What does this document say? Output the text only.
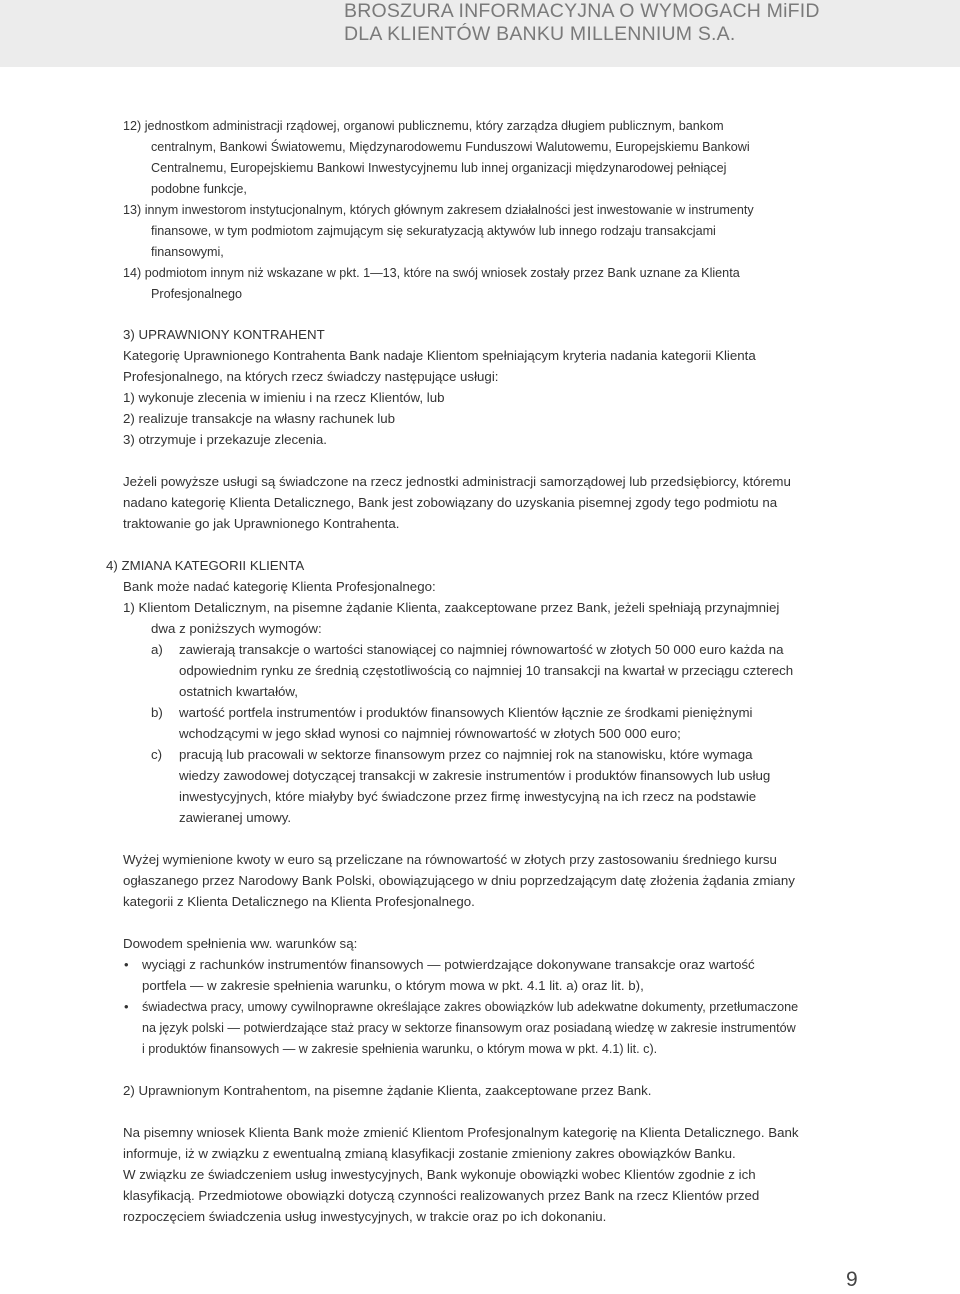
BROSZURA INFORMACYJNA O WYMOGACH MiFID
DLA KLIENTÓW BANKU MILLENNIUM S.A.
12) jednostkom administracji rządowej, organowi publicznemu, który zarządza długiem publicznym, bankom
centralnym, Bankowi Światowemu, Międzynarodowemu Funduszowi Walutowemu, Europejskiemu Bankowi
Centralnemu, Europejskiemu Bankowi Inwestycyjnemu lub innej organizacji międzynarodowej pełniącej
podobne funkcje,
13) innym inwestorom instytucjonalnym, których głównym zakresem działalności jest inwestowanie w instrumenty
finansowe, w tym podmiotom zajmującym się sekuratyzacją aktywów lub innego rodzaju transakcjami
finansowymi,
14) podmiotom innym niż wskazane w pkt. 1—13, które na swój wniosek zostały przez Bank uznane za Klienta
Profesjonalnego
3) UPRAWNIONY KONTRAHENT
Kategorię Uprawnionego Kontrahenta Bank nadaje Klientom spełniającym kryteria nadania kategorii Klienta
Profesjonalnego, na których rzecz świadczy następujące usługi:
1) wykonuje zlecenia w imieniu i na rzecz Klientów, lub
2) realizuje transakcje na własny rachunek lub
3) otrzymuje i przekazuje zlecenia.
Jeżeli powyższe usługi są świadczone na rzecz jednostki administracji samorządowej lub przedsiębiorcy, któremu
nadano kategorię Klienta Detalicznego, Bank jest zobowiązany do uzyskania pisemnej zgody tego podmiotu na
traktowanie go jak Uprawnionego Kontrahenta.
4) ZMIANA KATEGORII KLIENTA
Bank może nadać kategorię Klienta Profesjonalnego:
1) Klientom Detalicznym, na pisemne żądanie Klienta, zaakceptowane przez Bank, jeżeli spełniają przynajmniej
dwa z poniższych wymogów:
a) zawierają transakcje o wartości stanowiącej co najmniej równowartość w złotych 50 000 euro każda na
odpowiednim rynku ze średnią częstotliwością co najmniej 10 transakcji na kwartał w przeciągu czterech
ostatnich kwartałów,
b) wartość portfela instrumentów i produktów finansowych Klientów łącznie ze środkami pieniężnymi
wchodzącymi w jego skład wynosi co najmniej równowartość w złotych 500 000 euro;
c) pracują lub pracowali w sektorze finansowym przez co najmniej rok na stanowisku, które wymaga
wiedzy zawodowej dotyczącej transakcji w zakresie instrumentów i produktów finansowych lub usług
inwestycyjnych, które miałyby być świadczone przez firmę inwestycyjną na ich rzecz na podstawie
zawieranej umowy.
Wyżej wymienione kwoty w euro są przeliczane na równowartość w złotych przy zastosowaniu średniego kursu
ogłaszanego przez Narodowy Bank Polski, obowiązującego w dniu poprzedzającym datę złożenia żądania zmiany
kategorii z Klienta Detalicznego na Klienta Profesjonalnego.
Dowodem spełnienia ww. warunków są:
• wyciągi z rachunków instrumentów finansowych — potwierdzające dokonywane transakcje oraz wartość
portfela — w zakresie spełnienia warunku, o którym mowa w pkt. 4.1 lit. a) oraz lit. b),
• świadectwa pracy, umowy cywilnoprawne określające zakres obowiązków lub adekwatne dokumenty, przetłumaczone
na język polski — potwierdzające staż pracy w sektorze finansowym oraz posiadaną wiedzę w zakresie instrumentów
i produktów finansowych — w zakresie spełnienia warunku, o którym mowa w pkt. 4.1) lit. c).
2) Uprawnionym Kontrahentom, na pisemne żądanie Klienta, zaakceptowane przez Bank.
Na pisemny wniosek Klienta Bank może zmienić Klientom Profesjonalnym kategorię na Klienta Detalicznego. Bank
informuje, iż w związku z ewentualną zmianą klasyfikacji zostanie zmieniony zakres obowiązków Banku.
W związku ze świadczeniem usług inwestycyjnych, Bank wykonuje obowiązki wobec Klientów zgodnie z ich
klasyfikacją. Przedmiotowe obowiązki dotyczą czynności realizowanych przez Bank na rzecz Klientów przed
rozpoczęciem świadczenia usług inwestycyjnych, w trakcie oraz po ich dokonaniu.
9
